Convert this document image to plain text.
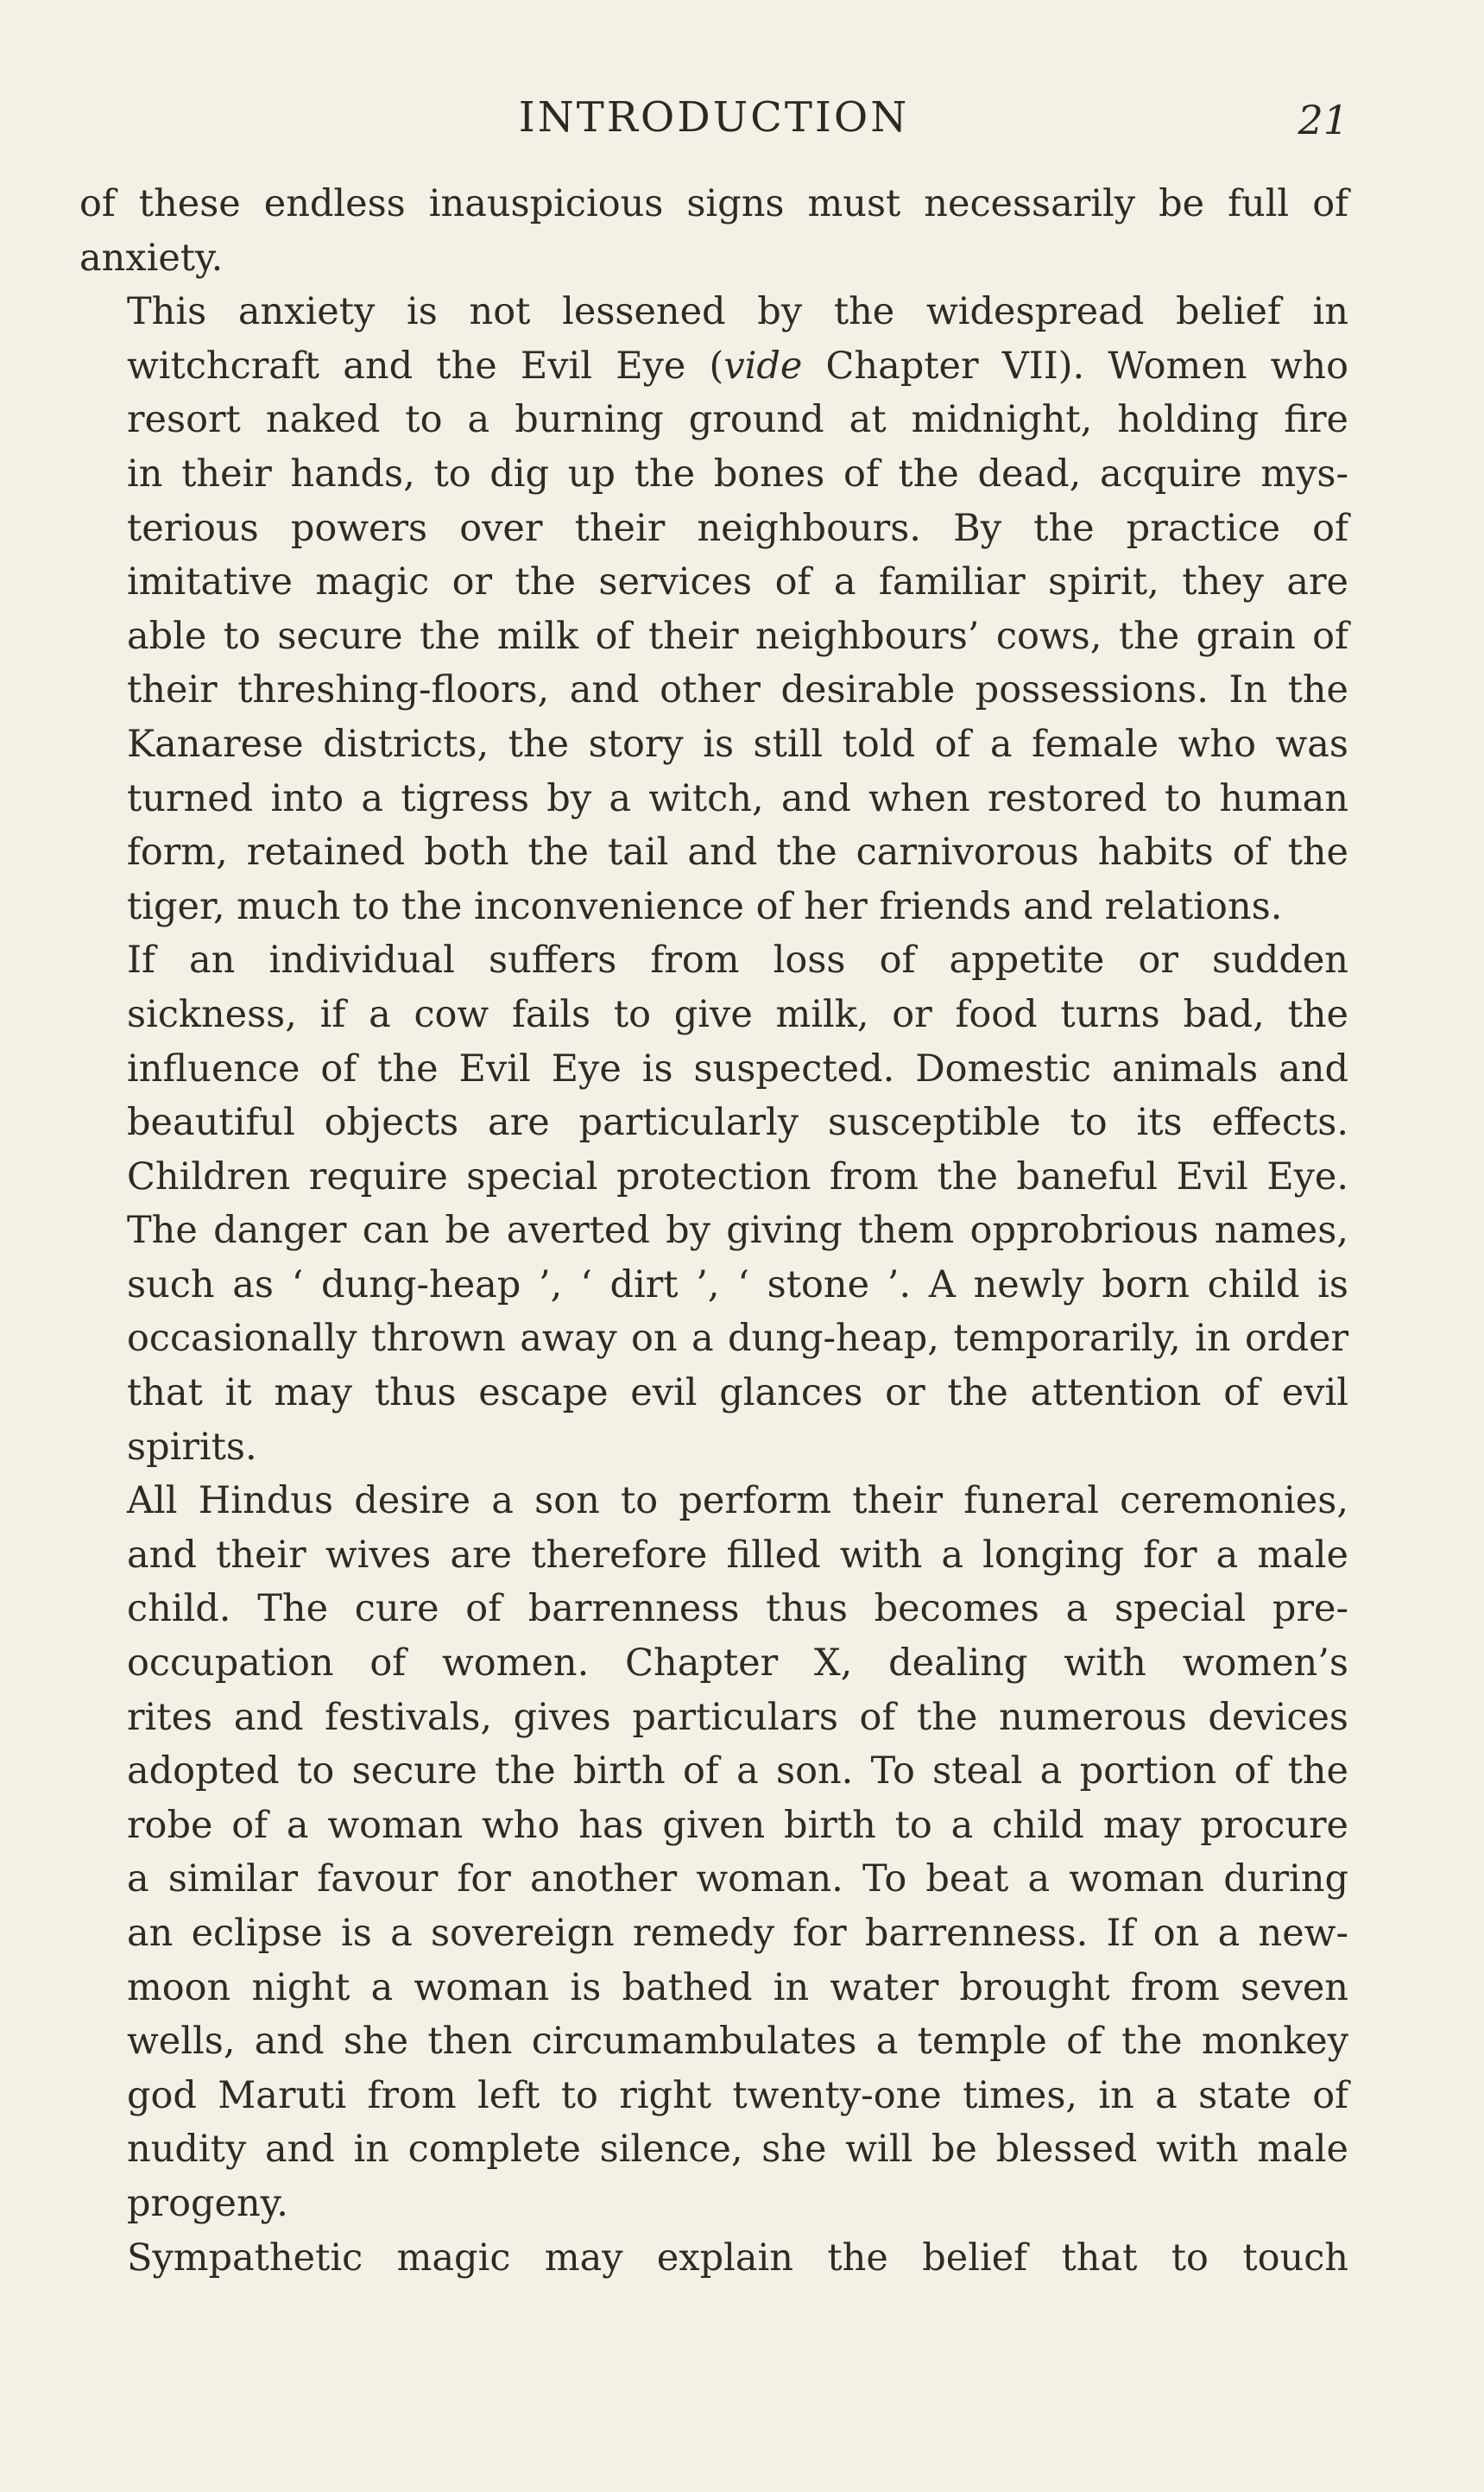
INTRODUCTION	21

of these endless inauspicious signs must necessarily be full of
anxiety.

This anxiety is not lessened by the widespread belief in
witchcraft and the Evil Eye (vide Chapter VII). Women who
resort naked to a burning ground at midnight, holding fire
in their hands, to dig up the bones of the dead, acquire mys-
terious powers over their neighbours. By the practice of
imitative magic or the services of a familiar spirit, they are
able to secure the milk of their neighbours’ cows, the grain of
their threshing-floors, and other desirable possessions. In the
Kanarese districts, the story is still told of a female who was
turned into a tigress by a witch, and when restored to human
form, retained both the tail and the carnivorous habits of the
tiger, much to the inconvenience of her friends and relations.

If an individual suffers from loss of appetite or sudden
sickness, if a cow fails to give milk, or food turns bad, the
influence of the Evil Eye is suspected. Domestic animals and
beautiful objects are particularly susceptible to its effects.
Children require special protection from the baneful Evil Eye.
The danger can be averted by giving them opprobrious names,
such as ‘ dung-heap ’, ‘ dirt ’, ‘ stone ’. A newly born child is
occasionally thrown away on a dung-heap, temporarily, in order
that it may thus escape evil glances or the attention of evil
spirits.

All Hindus desire a son to perform their funeral ceremonies,
and their wives are therefore filled with a longing for a male
child. The cure of barrenness thus becomes a special pre-
occupation of women. Chapter X, dealing with women’s
rites and festivals, gives particulars of the numerous devices
adopted to secure the birth of a son. To steal a portion of the
robe of a woman who has given birth to a child may procure
a similar favour for another woman. To beat a woman during
an eclipse is a sovereign remedy for barrenness. If on a new-
moon night a woman is bathed in water brought from seven
wells, and she then circumambulates a temple of the monkey
god Maruti from left to right twenty-one times, in a state of
nudity and in complete silence, she will be blessed with male
progeny.

Sympathetic magic may explain the belief that to touch
